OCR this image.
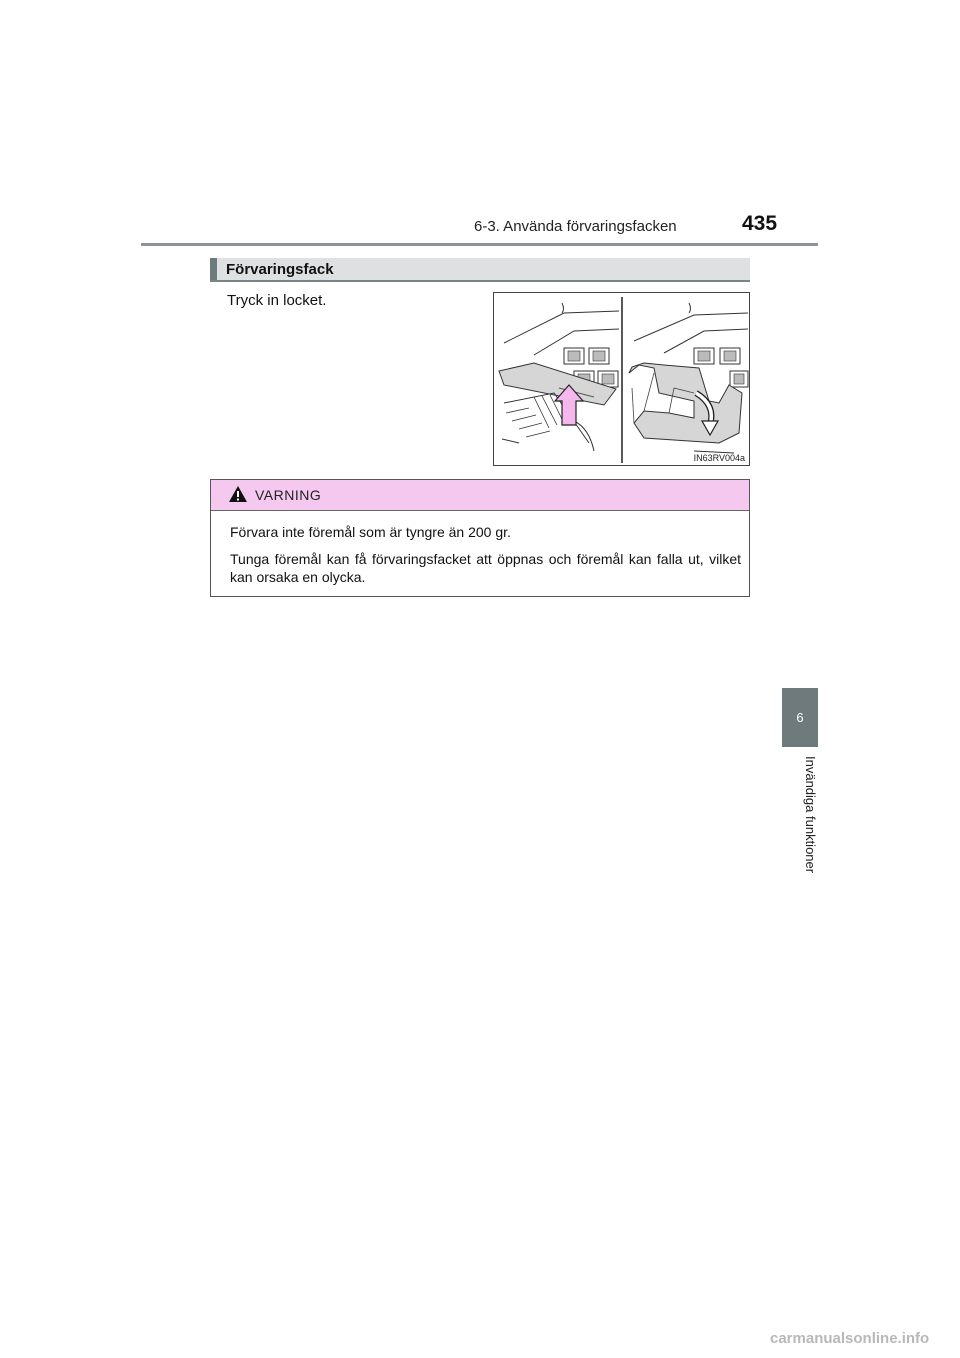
6-3. Använda förvaringsfacken	435
6
Invändiga funktioner
Förvaringsfack
Tryck in locket.
IN63RV004a
VARNING

Förvara inte föremål som är tyngre än 200 gr.

Tunga föremål kan få förvaringsfacket att öppnas och föremål kan falla ut, vilket kan orsaka en olycka.

carmanualsonline.info
